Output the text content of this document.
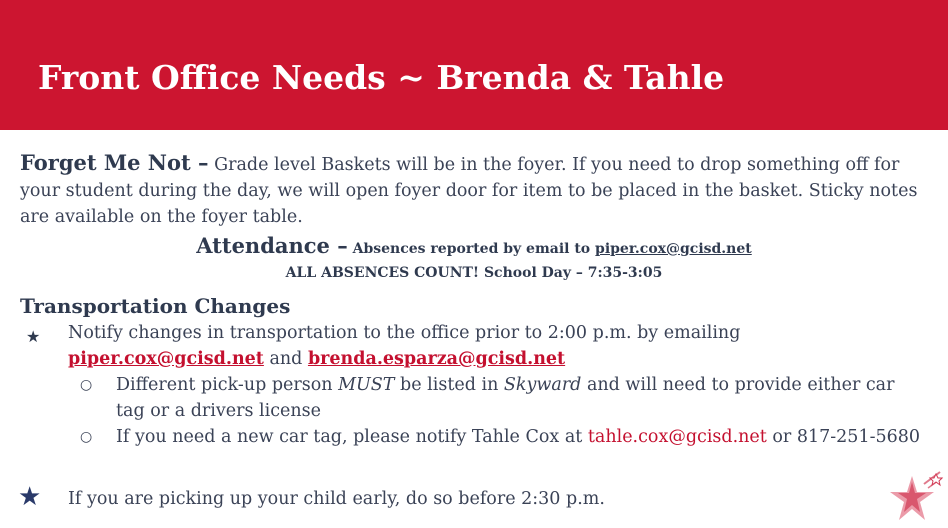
Front Office Needs ~ Brenda & Tahle
Forget Me Not – Grade level Baskets will be in the foyer. If you need to drop something off for your student during the day, we will open foyer door for item to be placed in the basket. Sticky notes are available on the foyer table.
Attendance – Absences reported by email to piper.cox@gcisd.net
ALL ABSENCES COUNT! School Day – 7:35-3:05
Transportation Changes
★ Notify changes in transportation to the office prior to 2:00 p.m. by emailing piper.cox@gcisd.net and brenda.esparza@gcisd.net
○ Different pick-up person MUST be listed in Skyward and will need to provide either car tag or a drivers license
○ If you need a new car tag, please notify Tahle Cox at tahle.cox@gcisd.net or 817-251-5680
★ If you are picking up your child early, do so before 2:30 p.m.
